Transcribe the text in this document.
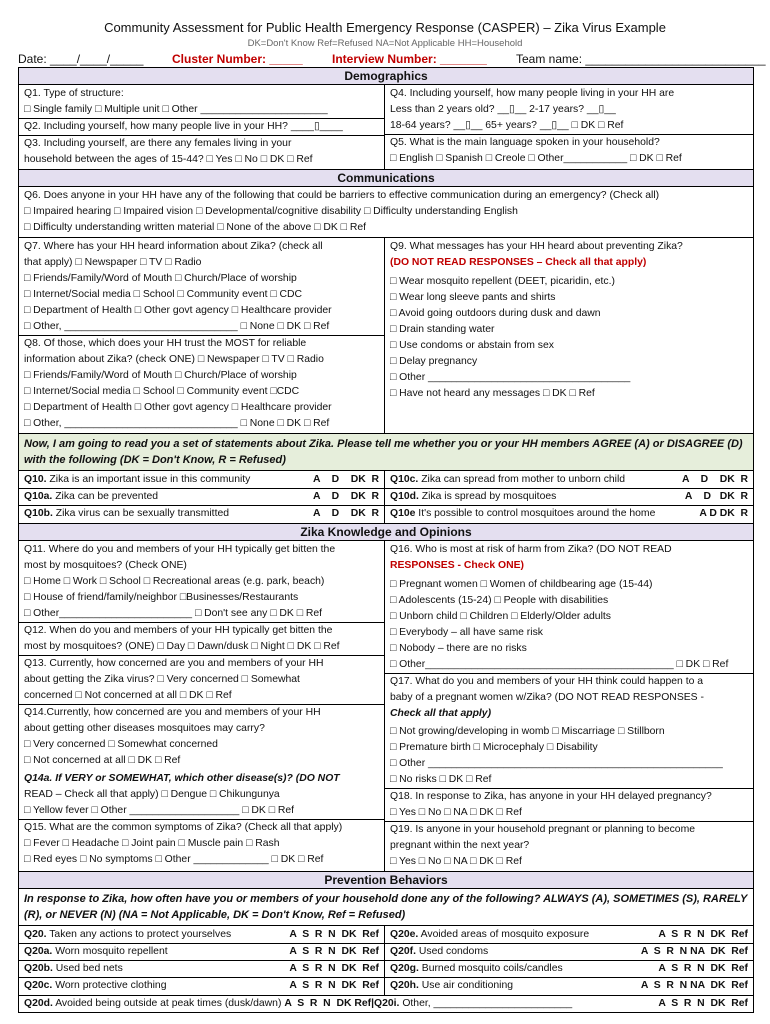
Community Assessment for Public Health Emergency Response (CASPER) – Zika Virus Example
DK=Don't Know Ref=Refused NA=Not Applicable HH=Household
Date: ____/____/_____ Cluster Number: _____ Interview Number: _______ Team name: ___________________________
Demographics
Q1. Type of structure:
□ Single family □ Multiple unit □ Other ______________________
Q2. Including yourself, how many people live in your HH? ____▯____
Q3. Including yourself, are there any females living in your
household between the ages of 15-44? □ Yes □ No □ DK □ Ref
Q4. Including yourself, how many people living in your HH are
Less than 2 years old? __▯__ 2-17 years? __▯__
18-64 years? __▯__ 65+ years? __▯__ □ DK □ Ref
Q5. What is the main language spoken in your household?
□ English □ Spanish □ Creole □ Other___________ □ DK □ Ref
Communications
Q6. Does anyone in your HH have any of the following that could be barriers to effective communication during an emergency? (Check all)
□ Impaired hearing □ Impaired vision □ Developmental/cognitive disability □ Difficulty understanding English
□ Difficulty understanding written material □ None of the above □ DK □ Ref
Q7. Where has your HH heard information about Zika? (check all
that apply) □ Newspaper □ TV □ Radio
□ Friends/Family/Word of Mouth □ Church/Place of worship
□ Internet/Social media □ School □ Community event □ CDC
□ Department of Health □ Other govt agency □ Healthcare provider
□ Other, ______________________________ □ None □ DK □ Ref
Q8. Of those, which does your HH trust the MOST for reliable
information about Zika? (check ONE) □ Newspaper □ TV □ Radio
□ Friends/Family/Word of Mouth □ Church/Place of worship
□ Internet/Social media □ School □ Community event □CDC
□ Department of Health □ Other govt agency □ Healthcare provider
□ Other, ______________________________ □ None □ DK □ Ref
Q9. What messages has your HH heard about preventing Zika?
(DO NOT READ RESPONSES – Check all that apply)
□ Wear mosquito repellent (DEET, picaridin, etc.)
□ Wear long sleeve pants and shirts
□ Avoid going outdoors during dusk and dawn
□ Drain standing water
□ Use condoms or abstain from sex
□ Delay pregnancy
□ Other ___________________________________
□ Have not heard any messages □ DK □ Ref
Now, I am going to read you a set of statements about Zika. Please tell me whether you or your HH members AGREE (A) or DISAGREE (D) with the following (DK = Don't Know, R = Refused)
Q10. Zika is an important issue in this community	A    D    DK  R
Q10a. Zika can be prevented	A    D    DK  R
Q10b. Zika virus can be sexually transmitted	A    D    DK  R
Q10c. Zika can spread from mother to unborn child	A    D    DK  R
Q10d. Zika is spread by mosquitoes	A    D   DK  R
Q10e It's possible to control mosquitoes around the home	A D DK  R
Zika Knowledge and Opinions
Q11. Where do you and members of your HH typically get bitten the
most by mosquitoes? (Check ONE)
□ Home □ Work □ School □ Recreational areas (e.g. park, beach)
□ House of friend/family/neighbor □Businesses/Restaurants
□ Other_______________________ □ Don't see any □ DK □ Ref
Q12. When do you and members of your HH typically get bitten the
most by mosquitoes? (ONE) □ Day □ Dawn/dusk □ Night □ DK □ Ref
Q13. Currently, how concerned are you and members of your HH
about getting the Zika virus? □ Very concerned □ Somewhat
concerned □ Not concerned at all □ DK □ Ref
Q14.Currently, how concerned are you and members of your HH
about getting other diseases mosquitoes may carry?
□ Very concerned □ Somewhat concerned
□ Not concerned at all □ DK □ Ref
Q14a. If VERY or SOMEWHAT, which other disease(s)? (DO NOT
READ – Check all that apply) □ Dengue □ Chikungunya
□ Yellow fever □ Other ___________________ □ DK □ Ref
Q15. What are the common symptoms of Zika? (Check all that apply)
□ Fever □ Headache □ Joint pain □ Muscle pain □ Rash
□ Red eyes □ No symptoms □ Other _____________ □ DK □ Ref
Q16. Who is most at risk of harm from Zika? (DO NOT READ
RESPONSES - Check ONE)
□ Pregnant women □ Women of childbearing age (15-44)
□ Adolescents (15-24) □ People with disabilities
□ Unborn child □ Children □ Elderly/Older adults
□ Everybody – all have same risk
□ Nobody – there are no risks
□ Other___________________________________________ □ DK □ Ref
Q17. What do you and members of your HH think could happen to a
baby of a pregnant women w/Zika? (DO NOT READ RESPONSES -
Check all that apply)
□ Not growing/developing in womb □ Miscarriage □ Stillborn
□ Premature birth □ Microcephaly □ Disability
□ Other ___________________________________________________
□ No risks □ DK □ Ref
Q18. In response to Zika, has anyone in your HH delayed pregnancy?
□ Yes □ No □ NA □ DK □ Ref
Q19. Is anyone in your household pregnant or planning to become
pregnant within the next year?
□ Yes □ No □ NA □ DK □ Ref
Prevention Behaviors
In response to Zika, how often have you or members of your household done any of the following? ALWAYS (A), SOMETIMES (S), RARELY (R), or NEVER (N) (NA = Not Applicable, DK = Don't Know, Ref = Refused)
Q20. Taken any actions to protect yourselves	A  S  R  N  DK  Ref
Q20a. Worn mosquito repellent	A  S  R  N  DK  Ref
Q20b. Used bed nets	A  S  R  N  DK  Ref
Q20c. Worn protective clothing	A  S  R  N  DK  Ref
Q20e. Avoided areas of mosquito exposure	A  S  R  N  DK  Ref
Q20f. Used condoms	A  S  R  N NA  DK  Ref
Q20g. Burned mosquito coils/candles	A  S  R  N  DK  Ref
Q20h. Use air conditioning	A  S  R  N NA  DK  Ref
Q20d. Avoided being outside at peak times (dusk/dawn) A  S  R  N  DK Ref|Q20i. Other, ________________________	A  S  R  N  DK  Ref
